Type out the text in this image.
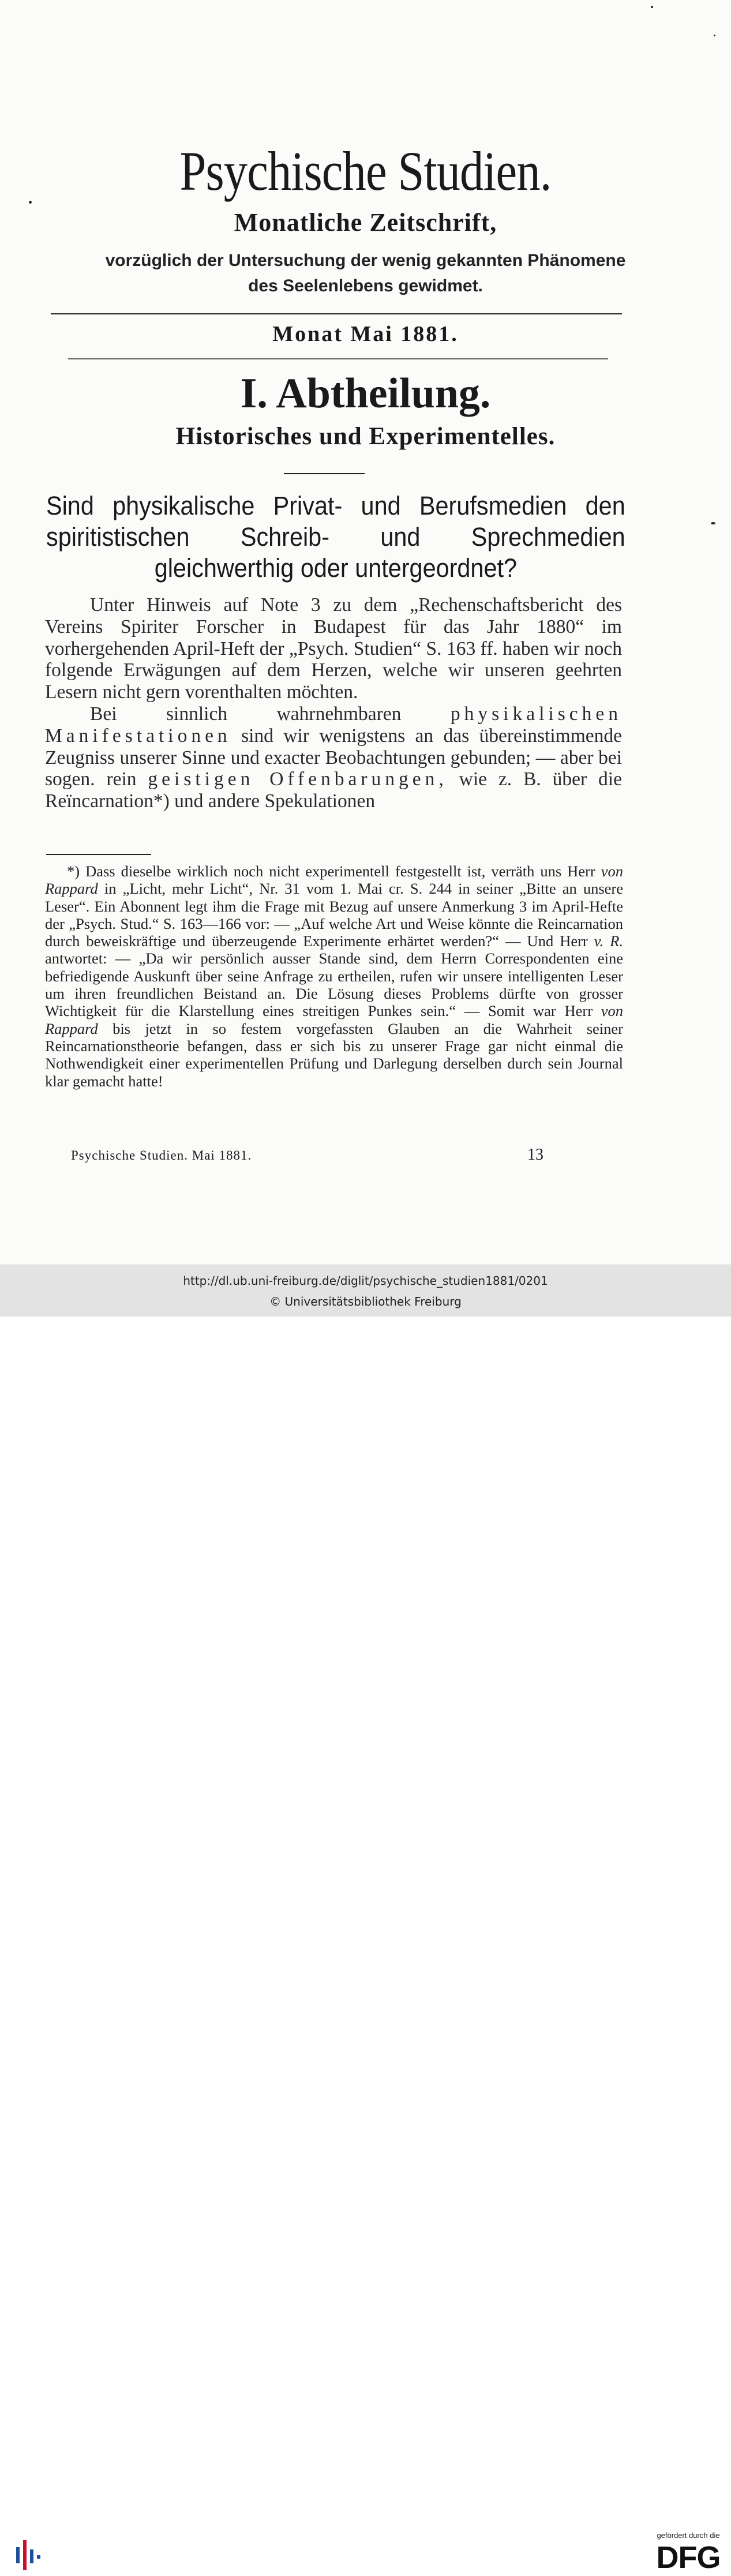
Psychische Studien.
Monatliche Zeitschrift,
vorzüglich der Untersuchung der wenig gekannten Phänomene
des Seelenlebens gewidmet.
Monat Mai 1881.
I. Abtheilung.
Historisches und Experimentelles.
Sind physikalische Privat- und Berufsmedien den spiritistischen Schreib- und Sprechmedien gleichwerthig oder untergeordnet?

Unter Hinweis auf Note 3 zu dem „Rechenschaftsbericht des Vereins Spiriter Forscher in Budapest für das Jahr 1880“ im vorhergehenden April-Heft der „Psych. Studien“ S. 163 ff. haben wir noch folgende Erwägungen auf dem Herzen, welche wir unseren geehrten Lesern nicht gern vorenthalten möchten.

Bei sinnlich wahrnehmbaren	physikalischen Manifestationen sind wir wenigstens an das übereinstimmende Zeugniss unserer Sinne und exacter Beobachtungen gebunden; — aber bei sogen. rein geistigen Offenbarungen, wie z. B. über die Reïncarnation*) und andere Spekulationen

*) Dass dieselbe wirklich noch nicht experimentell festgestellt ist, verräth uns Herr von Rappard in „Licht, mehr Licht“, Nr. 31 vom 1. Mai cr. S. 244 in seiner „Bitte an unsere Leser“. Ein Abonnent legt ihm die Frage mit Bezug auf unsere Anmerkung 3 im April-Hefte der „Psych. Stud.“ S. 163—166 vor: — „Auf welche Art und Weise könnte die Reincarnation durch beweiskräftige und überzeugende Experimente erhärtet werden?“ — Und Herr v. R. antwortet: — „Da wir persönlich ausser Stande sind, dem Herrn Correspondenten eine befriedigende Auskunft über seine Anfrage zu ertheilen, rufen wir unsere intelligenten Leser um ihren freundlichen Beistand an. Die Lösung dieses Problems dürfte von grosser Wichtigkeit für die Klarstellung eines streitigen Punkes sein.“ — Somit war Herr von Rappard bis jetzt in so festem vorgefassten Glauben an die Wahrheit seiner Reincarnationstheorie befangen, dass er sich bis zu unserer Frage gar nicht einmal die Nothwendigkeit einer experimentellen Prüfung und Darlegung derselben durch sein Journal klar gemacht hatte!

Psychische Studien. Mai 1881.	13
gefördert durch die
DFG
http://dl.ub.uni-freiburg.de/diglit/psychische_studien1881/0201
© Universitätsbibliothek Freiburg
